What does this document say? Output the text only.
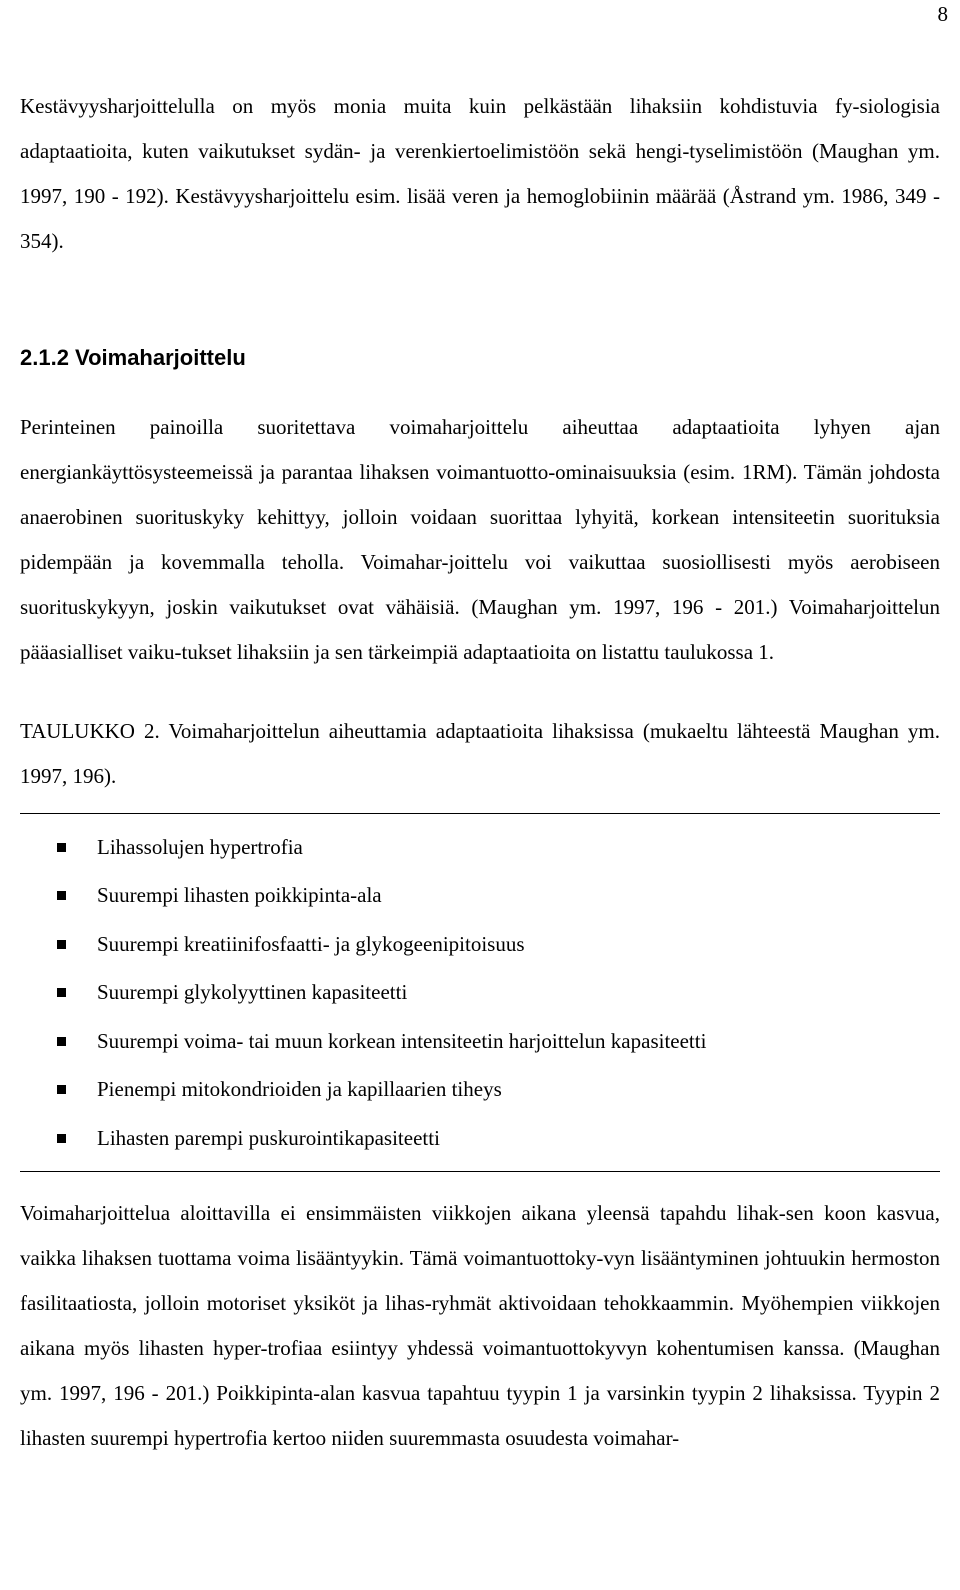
8

Kestävyysharjoittelulla on myös monia muita kuin pelkästään lihaksiin kohdistuvia fy-siologisia adaptaatioita, kuten vaikutukset sydän- ja verenkiertoelimistöön sekä hengi-tyselimistöön (Maughan ym. 1997, 190 - 192). Kestävyysharjoittelu esim. lisää veren ja hemoglobiinin määrää (Åstrand ym. 1986, 349 - 354).

2.1.2 Voimaharjoittelu

Perinteinen painoilla suoritettava voimaharjoittelu aiheuttaa adaptaatioita lyhyen ajan energiankäyttösysteemeissä ja parantaa lihaksen voimantuotto-ominaisuuksia (esim. 1RM). Tämän johdosta anaerobinen suorituskyky kehittyy, jolloin voidaan suorittaa lyhyitä, korkean intensiteetin suorituksia pidempään ja kovemmalla teholla. Voimahar-joittelu voi vaikuttaa suosiollisesti myös aerobiseen suorituskykyyn, joskin vaikutukset ovat vähäisiä. (Maughan ym. 1997, 196 - 201.) Voimaharjoittelun pääasialliset vaiku-tukset lihaksiin ja sen tärkeimpiä adaptaatioita on listattu taulukossa 1.

TAULUKKO 2. Voimaharjoittelun aiheuttamia adaptaatioita lihaksissa (mukaeltu lähteestä Maughan ym. 1997, 196).

Lihassolujen hypertrofia
Suurempi lihasten poikkipinta-ala
Suurempi kreatiinifosfaatti- ja glykogeenipitoisuus
Suurempi glykolyyttinen kapasiteetti
Suurempi voima- tai muun korkean intensiteetin harjoittelun kapasiteetti
Pienempi mitokondrioiden ja kapillaarien tiheys
Lihasten parempi puskurointikapasiteetti

Voimaharjoittelua aloittavilla ei ensimmäisten viikkojen aikana yleensä tapahdu lihak-sen koon kasvua, vaikka lihaksen tuottama voima lisääntyykin. Tämä voimantuottoky-vyn lisääntyminen johtuukin hermoston fasilitaatiosta, jolloin motoriset yksiköt ja lihas-ryhmät aktivoidaan tehokkaammin. Myöhempien viikkojen aikana myös lihasten hyper-trofiaa esiintyy yhdessä voimantuottokyvyn kohentumisen kanssa. (Maughan ym. 1997, 196 - 201.) Poikkipinta-alan kasvua tapahtuu tyypin 1 ja varsinkin tyypin 2 lihaksissa. Tyypin 2 lihasten suurempi hypertrofia kertoo niiden suuremmasta osuudesta voimahar-
